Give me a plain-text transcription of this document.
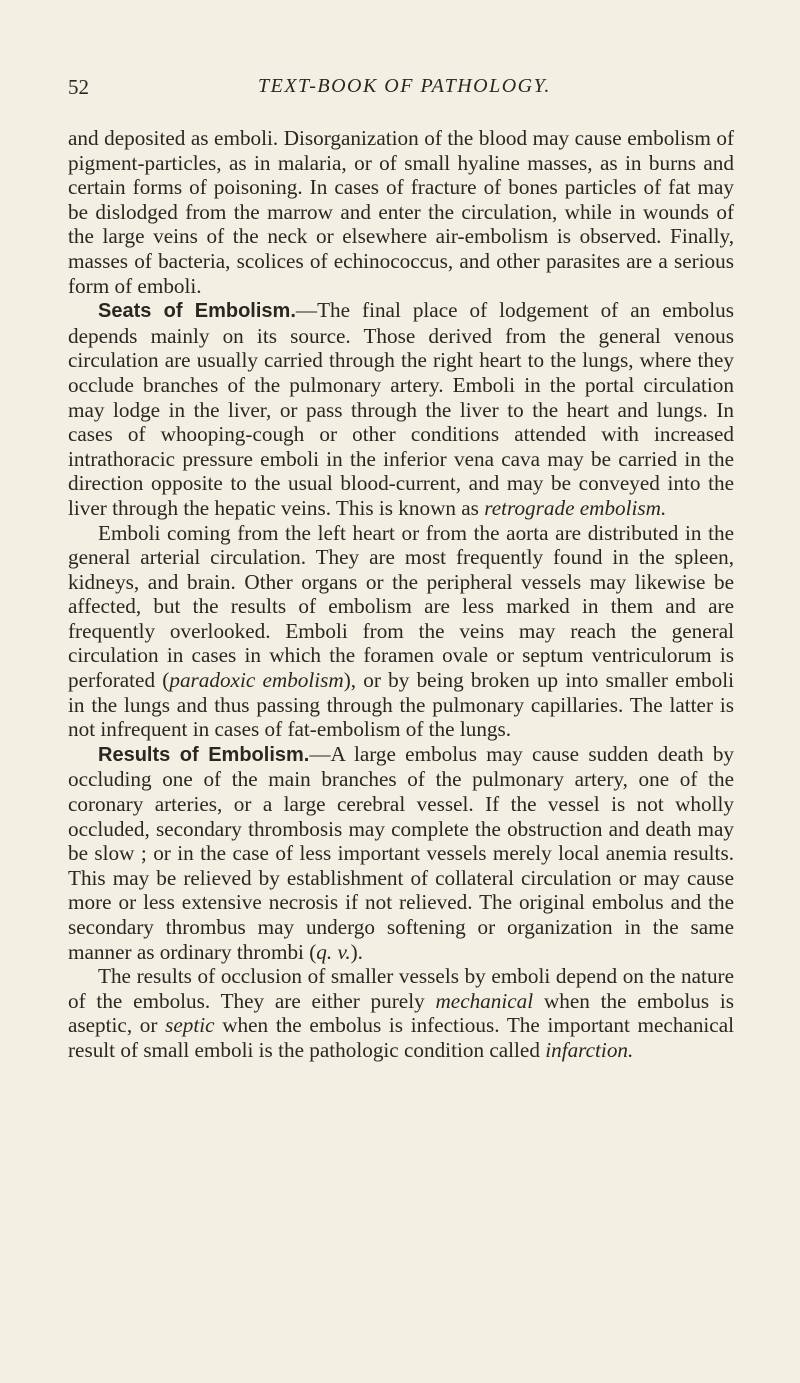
52	TEXT-BOOK OF PATHOLOGY.

and deposited as emboli. Disorganization of the blood may cause embolism of pigment-particles, as in malaria, or of small hyaline masses, as in burns and certain forms of poisoning. In cases of fracture of bones particles of fat may be dislodged from the marrow and enter the circulation, while in wounds of the large veins of the neck or elsewhere air-embolism is observed. Finally, masses of bacteria, scolices of echinococcus, and other parasites are a serious form of emboli.

Seats of Embolism.—The final place of lodgement of an embolus depends mainly on its source. Those derived from the general venous circulation are usually carried through the right heart to the lungs, where they occlude branches of the pulmonary artery. Emboli in the portal circulation may lodge in the liver, or pass through the liver to the heart and lungs. In cases of whooping-cough or other conditions attended with increased intrathoracic pressure emboli in the inferior vena cava may be carried in the direction opposite to the usual blood-current, and may be conveyed into the liver through the hepatic veins. This is known as retrograde embolism.

Emboli coming from the left heart or from the aorta are distributed in the general arterial circulation. They are most frequently found in the spleen, kidneys, and brain. Other organs or the peripheral vessels may likewise be affected, but the results of embolism are less marked in them and are frequently overlooked. Emboli from the veins may reach the general circulation in cases in which the foramen ovale or septum ventriculorum is perforated (paradoxic embolism), or by being broken up into smaller emboli in the lungs and thus passing through the pulmonary capillaries. The latter is not infrequent in cases of fat-embolism of the lungs.

Results of Embolism.—A large embolus may cause sudden death by occluding one of the main branches of the pulmonary artery, one of the coronary arteries, or a large cerebral vessel. If the vessel is not wholly occluded, secondary thrombosis may complete the obstruction and death may be slow ; or in the case of less important vessels merely local anemia results. This may be relieved by establishment of collateral circulation or may cause more or less extensive necrosis if not relieved. The original embolus and the secondary thrombus may undergo softening or organization in the same manner as ordinary thrombi (q. v.).

The results of occlusion of smaller vessels by emboli depend on the nature of the embolus. They are either purely mechanical when the embolus is aseptic, or septic when the embolus is infectious. The important mechanical result of small emboli is the pathologic condition called infarction.
